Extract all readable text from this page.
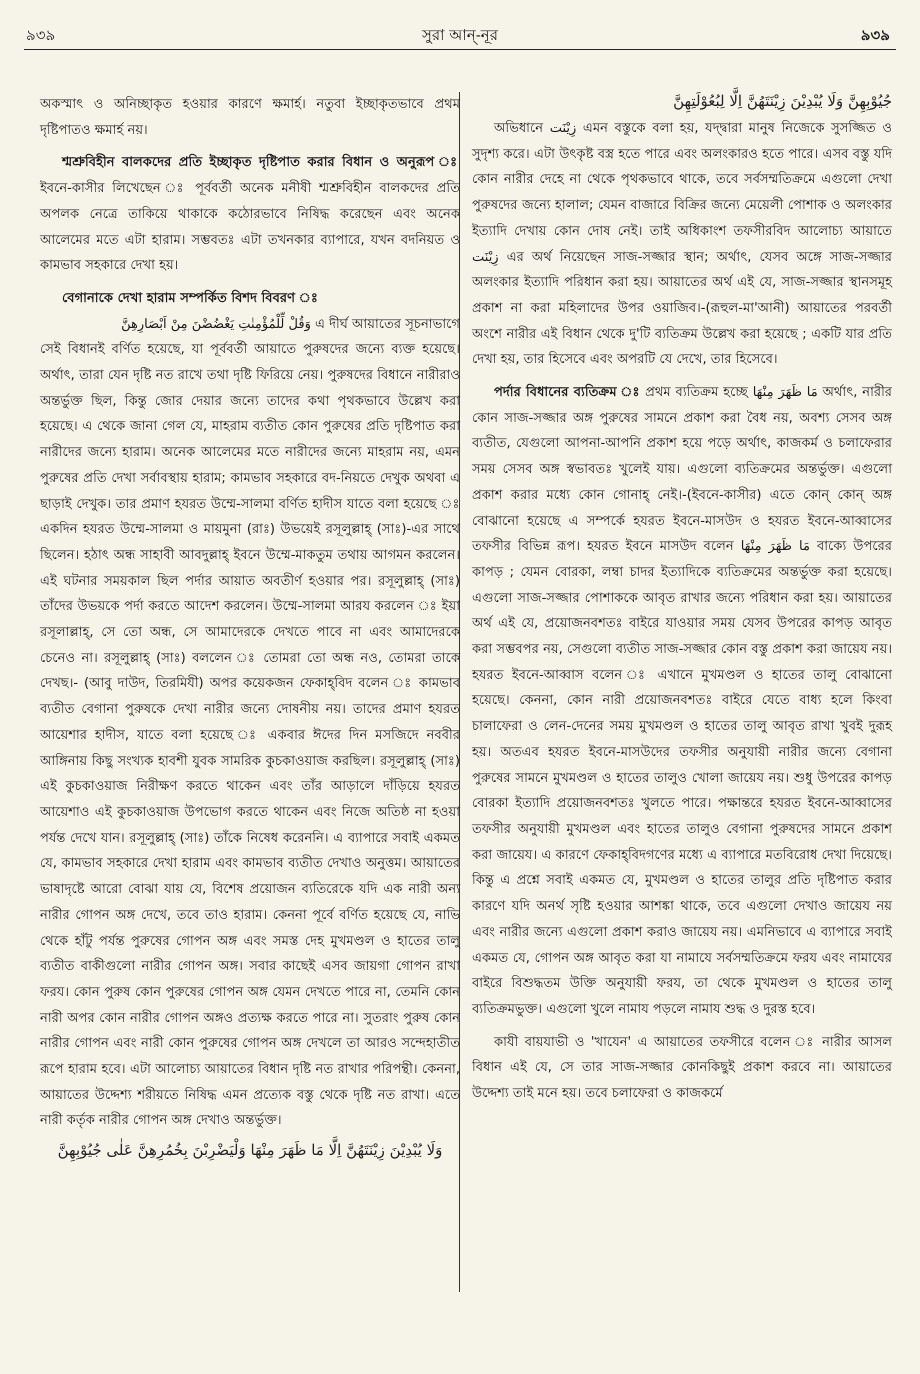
৯৩৯	সুরা আন্‌-নূর	৯৩৯

অকস্মাৎ ও অনিচ্ছাকৃত হওয়ার কারণে ক্ষমার্হ। নতুবা ইচ্ছাকৃতভাবে প্রথম দৃষ্টিপাতও ক্ষমার্হ নয়।

শ্মশ্রুবিহীন বালকদের প্রতি ইচ্ছাকৃত দৃষ্টিপাত করার বিধান ও অনুরূপ ঃ ইবনে-কাসীর লিখেছেন ঃ পূর্ববর্তী অনেক মনীষী শ্মশ্রুবিহীন বালকদের প্রতি অপলক নেত্রে তাকিয়ে থাকাকে কঠোরভাবে নিষিদ্ধ করেছেন এবং অনেক আলেমের মতে এটা হারাম। সম্ভবতঃ এটা তখনকার ব্যাপারে, যখন বদনিয়ত ও কামভাব সহকারে দেখা হয়।

বেগানাকে দেখা হারাম সম্পর্কিত বিশদ বিবরণ ঃ

وَقُلْ لِّلْمُؤْمِنٰتِ يَغْضُضْنَ مِنْ اَبْصَارِهِنَّ এ দীর্ঘ আয়াতের সূচনাভাগে

সেই বিধানই বর্ণিত হয়েছে, যা পূর্ববর্তী আয়াতে পুরুষদের জন্যে ব্যক্ত হয়েছে। অর্থাৎ, তারা যেন দৃষ্টি নত রাখে তথা দৃষ্টি ফিরিয়ে নেয়। পুরুষদের বিধানে নারীরাও অন্তর্ভুক্ত ছিল, কিন্তু জোর দেয়ার জন্যে তাদের কথা পৃথকভাবে উল্লেখ করা হয়েছে। এ থেকে জানা গেল যে, মাহরাম ব্যতীত কোন পুরুষের প্রতি দৃষ্টিপাত করা নারীদের জন্যে হারাম। অনেক আলেমের মতে নারীদের জন্যে মাহরাম নয়, এমন পুরুষের প্রতি দেখা সর্বাবস্থায় হারাম; কামভাব সহকারে বদ-নিয়তে দেখুক অথবা এ ছাড়াই দেখুক। তার প্রমাণ হযরত উম্মে-সালমা বর্ণিত হাদীস যাতে বলা হয়েছে ঃ একদিন হযরত উম্মে-সালমা ও মায়মুনা (রাঃ) উভয়েই রসূলুল্লাহ্ (সাঃ)-এর সাথে ছিলেন। হঠাৎ অন্ধ সাহাবী আবদুল্লাহ্ ইবনে উম্মে-মাকতুম তথায় আগমন করলেন। এই ঘটনার সময়কাল ছিল পর্দার আয়াত অবতীর্ণ হওয়ার পর। রসূলুল্লাহ্ (সাঃ) তাঁদের উভয়কে পর্দা করতে আদেশ করলেন। উম্মে-সালমা আরয করলেন ঃ ইয়া রসূলাল্লাহ্, সে তো অন্ধ, সে আমাদেরকে দেখতে পাবে না এবং আমাদেরকে চেনেও না। রসূলুল্লাহ্ (সাঃ) বললেন ঃ তোমরা তো অন্ধ নও, তোমরা তাকে দেখছ।- (আবু দাউদ, তিরমিযী) অপর কয়েকজন ফেকাহ্‌বিদ বলেন ঃ কামভাব ব্যতীত বেগানা পুরুষকে দেখা নারীর জন্যে দোষনীয় নয়। তাদের প্রমাণ হযরত আয়েশার হাদীস, যাতে বলা হয়েছে ঃ একবার ঈদের দিন মসজিদে নববীর আঙ্গিনায় কিছু সংখ্যক হাবশী যুবক সামরিক কুচকাওয়াজ করছিল। রসূলুল্লাহ্ (সাঃ) এই কুচকাওয়াজ নিরীক্ষণ করতে থাকেন এবং তাঁর আড়ালে দাঁড়িয়ে হযরত আয়েশাও এই কুচকাওয়াজ উপভোগ করতে থাকেন এবং নিজে অতিষ্ঠ না হওয়া পর্যন্ত দেখে যান। রসূলুল্লাহ্ (সাঃ) তাঁকে নিষেধ করেননি। এ ব্যাপারে সবাই একমত যে, কামভাব সহকারে দেখা হারাম এবং কামভাব ব্যতীত দেখাও অনুত্তম। আয়াতের ভাষাদৃষ্টে আরো বোঝা যায় যে, বিশেষ প্রয়োজন ব্যতিরেকে যদি এক নারী অন্য নারীর গোপন অঙ্গ দেখে, তবে তাও হারাম। কেননা পূর্বে বর্ণিত হয়েছে যে, নাভি থেকে হাঁটু পর্যন্ত পুরুষের গোপন অঙ্গ এবং সমস্ত দেহ মুখমণ্ডল ও হাতের তালু ব্যতীত বাকীগুলো নারীর গোপন অঙ্গ। সবার কাছেই এসব জায়গা গোপন রাখা ফরয। কোন পুরুষ কোন পুরুষের গোপন অঙ্গ যেমন দেখতে পারে না, তেমনি কোন নারী অপর কোন নারীর গোপন অঙ্গও প্রত্যক্ষ করতে পারে না। সুতরাং পুরুষ কোন নারীর গোপন এবং নারী কোন পুরুষের গোপন অঙ্গ দেখলে তা আরও সন্দেহাতীত রূপে হারাম হবে। এটা আলোচ্য আয়াতের বিধান দৃষ্টি নত রাখার পরিপন্থী। কেননা, আয়াতের উদ্দেশ্য শরীয়তে নিষিদ্ধ এমন প্রত্যেক বস্তু থেকে দৃষ্টি নত রাখা। এতে নারী কর্তৃক নারীর গোপন অঙ্গ দেখাও অন্তর্ভুক্ত।

وَلَا يُبْدِيْنَ زِيْنَتَهُنَّ اِلَّا مَا ظَهَرَ مِنْهَا وَلْيَضْرِبْنَ بِخُمُرِهِنَّ عَلٰى جُيُوْبِهِنَّ

جُيُوْبِهِنَّ وَلَا يُبْدِيْنَ زِيْنَتَهُنَّ اِلَّا لِبُعُوْلَتِهِنَّ

অভিধানে زِيْنَت এমন বস্তুকে বলা হয়, যদ্দ্বারা মানুষ নিজেকে সুসজ্জিত ও সুদৃশ্য করে। এটা উৎকৃষ্ট বস্ত্র হতে পারে এবং অলংকারও হতে পারে। এসব বস্তু যদি কোন নারীর দেহে না থেকে পৃথকভাবে থাকে, তবে সর্বসম্মতিক্রমে এগুলো দেখা পুরুষদের জন্যে হালাল; যেমন বাজারে বিক্রির জন্যে মেয়েলী পোশাক ও অলংকার ইত্যাদি দেখায় কোন দোষ নেই। তাই অধিকাংশ তফসীরবিদ আলোচ্য আয়াতে زِيْنَت এর অর্থ নিয়েছেন সাজ-সজ্জার স্থান; অর্থাৎ, যেসব অঙ্গে সাজ-সজ্জার অলংকার ইত্যাদি পরিধান করা হয়। আয়াতের অর্থ এই যে, সাজ-সজ্জার স্থানসমূহ প্রকাশ না করা মহিলাদের উপর ওয়াজিব।-(রূহুল-মা'আনী) আয়াতের পরবর্তী অংশে নারীর এই বিধান থেকে দু'টি ব্যতিক্রম উল্লেখ করা হয়েছে ; একটি যার প্রতি দেখা হয়, তার হিসেবে এবং অপরটি যে দেখে, তার হিসেবে।

পর্দার বিধানের ব্যতিক্রম ঃ প্রথম ব্যতিক্রম হচ্ছে مَا ظَهَرَ مِنْهَا অর্থাৎ, নারীর কোন সাজ-সজ্জার অঙ্গ পুরুষের সামনে প্রকাশ করা বৈধ নয়, অবশ্য সেসব অঙ্গ ব্যতীত, যেগুলো আপনা-আপনি প্রকাশ হয়ে পড়ে অর্থাৎ, কাজকর্ম ও চলাফেরার সময় সেসব অঙ্গ স্বভাবতঃ খুলেই যায়। এগুলো ব্যতিক্রমের অন্তর্ভুক্ত। এগুলো প্রকাশ করার মধ্যে কোন গোনাহ্ নেই।-(ইবনে-কাসীর) এতে কোন্ কোন্ অঙ্গ বোঝানো হয়েছে এ সম্পর্কে হযরত ইবনে-মাসউদ ও হযরত ইবনে-আব্বাসের তফসীর বিভিন্ন রূপ। হযরত ইবনে মাসউদ বলেন مَا ظَهَرَ مِنْهَا বাক্যে উপরের কাপড় ; যেমন বোরকা, লম্বা চাদর ইত্যাদিকে ব্যতিক্রমের অন্তর্ভুক্ত করা হয়েছে। এগুলো সাজ-সজ্জার পোশাককে আবৃত রাখার জন্যে পরিধান করা হয়। আয়াতের অর্থ এই যে, প্রয়োজনবশতঃ বাইরে যাওয়ার সময় যেসব উপরের কাপড় আবৃত করা সম্ভবপর নয়, সেগুলো ব্যতীত সাজ-সজ্জার কোন বস্তু প্রকাশ করা জায়েয নয়। হযরত ইবনে-আব্বাস বলেন ঃ এখানে মুখমণ্ডল ও হাতের তালু বোঝানো হয়েছে। কেননা, কোন নারী প্রয়োজনবশতঃ বাইরে যেতে বাধ্য হলে কিংবা চালাফেরা ও লেন-দেনের সময় মুখমণ্ডল ও হাতের তালু আবৃত রাখা খুবই দুরূহ হয়। অতএব হযরত ইবনে-মাসউদের তফসীর অনুযায়ী নারীর জন্যে বেগানা পুরুষের সামনে মুখমণ্ডল ও হাতের তালুও খোলা জায়েয নয়। শুধু উপরের কাপড় বোরকা ইত্যাদি প্রয়োজনবশতঃ খুলতে পারে। পক্ষান্তরে হযরত ইবনে-আব্বাসের তফসীর অনুযায়ী মুখমণ্ডল এবং হাতের তালুও বেগানা পুরুষদের সামনে প্রকাশ করা জায়েয। এ কারণে ফেকাহ্‌বিদগণের মধ্যে এ ব্যাপারে মতবিরোধ দেখা দিয়েছে। কিন্তু এ প্রশ্নে সবাই একমত যে, মুখমণ্ডল ও হাতের তালুর প্রতি দৃষ্টিপাত করার কারণে যদি অনর্থ সৃষ্টি হওয়ার আশঙ্কা থাকে, তবে এগুলো দেখাও জায়েয নয় এবং নারীর জন্যে এগুলো প্রকাশ করাও জায়েয নয়। এমনিভাবে এ ব্যাপারে সবাই একমত যে, গোপন অঙ্গ আবৃত করা যা নামাযে সর্বসম্মতিক্রমে ফরয এবং নামাযের বাইরে বিশুদ্ধতম উক্তি অনুযায়ী ফরয, তা থেকে মুখমণ্ডল ও হাতের তালু ব্যতিক্রমভুক্ত। এগুলো খুলে নামায পড়লে নামায শুদ্ধ ও দুরস্ত হবে।

কাযী বায়যাভী ও 'খাযেন' এ আয়াতের তফসীরে বলেন ঃ নারীর আসল বিধান এই যে, সে তার সাজ-সজ্জার কোনকিছুই প্রকাশ করবে না। আয়াতের উদ্দেশ্য তাই মনে হয়। তবে চলাফেরা ও কাজকর্মে
